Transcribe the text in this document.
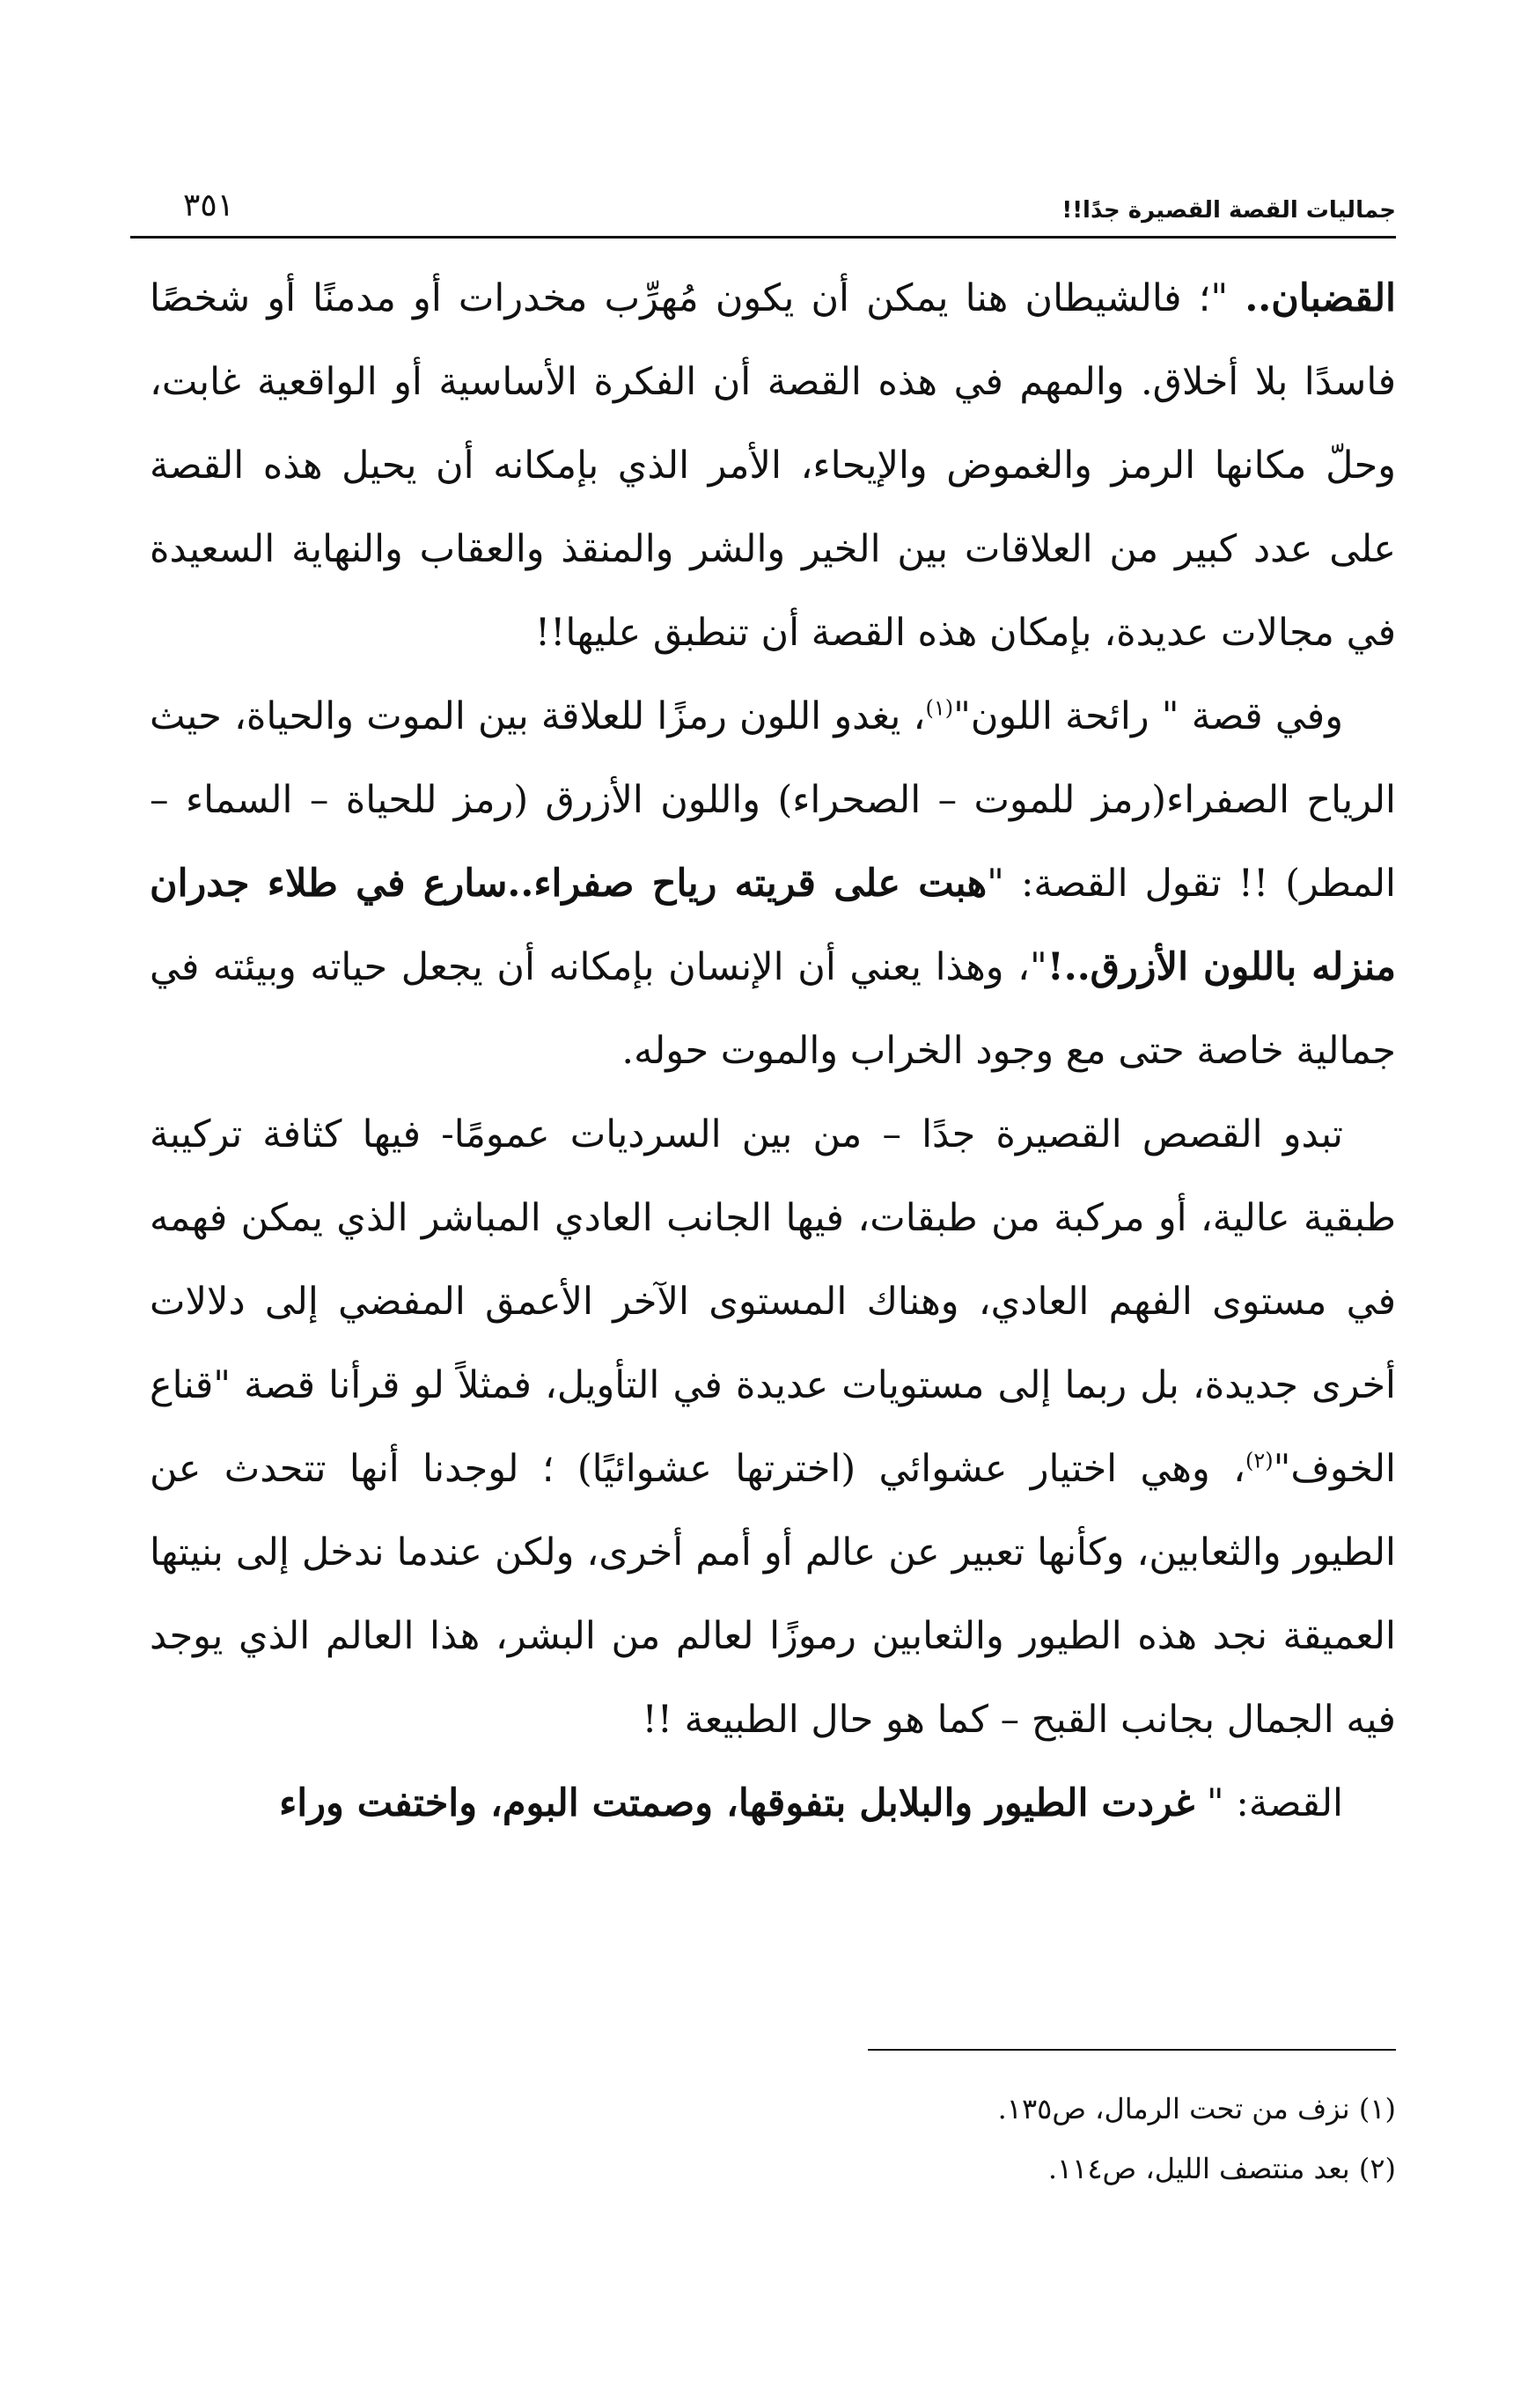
جماليات القصة القصيرة جدًا!!
٣٥١

القضبان.. "؛ فالشيطان هنا يمكن أن يكون مُهرِّب مخدرات أو مدمنًا أو شخصًا فاسدًا بلا أخلاق. والمهم في هذه القصة أن الفكرة الأساسية أو الواقعية غابت، وحلّ مكانها الرمز والغموض والإيحاء، الأمر الذي بإمكانه أن يحيل هذه القصة على عدد كبير من العلاقات بين الخير والشر والمنقذ والعقاب والنهاية السعيدة في مجالات عديدة، بإمكان هذه القصة أن تنطبق عليها!!

وفي قصة " رائحة اللون"$^{(١)}$، يغدو اللون رمزًا للعلاقة بين الموت والحياة، حيث الرياح الصفراء(رمز للموت – الصحراء) واللون الأزرق (رمز للحياة – السماء – المطر) !! تقول القصة: "هبت على قريته رياح صفراء..سارع في طلاء جدران منزله باللون الأزرق..!"، وهذا يعني أن الإنسان بإمكانه أن يجعل حياته وبيئته في جمالية خاصة حتى مع وجود الخراب والموت حوله.

تبدو القصص القصيرة جدًا – من بين السرديات عمومًا- فيها كثافة تركيبة طبقية عالية، أو مركبة من طبقات، فيها الجانب العادي المباشر الذي يمكن فهمه في مستوى الفهم العادي، وهناك المستوى الآخر الأعمق المفضي إلى دلالات أخرى جديدة، بل ربما إلى مستويات عديدة في التأويل، فمثلاً لو قرأنا قصة "قناع الخوف"$^{(٢)}$، وهي اختيار عشوائي (اخترتها عشوائيًا) ؛ لوجدنا أنها تتحدث عن الطيور والثعابين، وكأنها تعبير عن عالم أو أمم أخرى، ولكن عندما ندخل إلى بنيتها العميقة نجد هذه الطيور والثعابين رموزًا لعالم من البشر، هذا العالم الذي يوجد فيه الجمال بجانب القبح – كما هو حال الطبيعة !!

القصة: " غردت الطيور والبلابل بتفوقها، وصمتت البوم، واختفت وراء

(١) نزف من تحت الرمال، ص١٣٥.
(٢) بعد منتصف الليل، ص١١٤.
